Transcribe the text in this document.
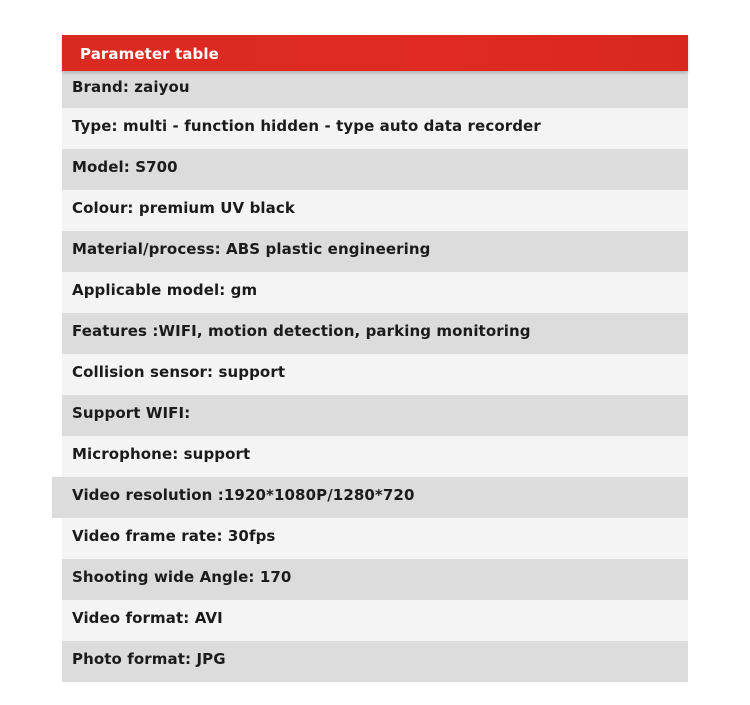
Parameter table
Brand: zaiyou
Type: multi - function hidden - type auto data recorder
Model: S700
Colour: premium UV black
Material/process: ABS plastic engineering
Applicable model: gm
Features :WIFI, motion detection, parking monitoring
Collision sensor: support
Support WIFI:
Microphone: support
Video resolution :1920*1080P/1280*720
Video frame rate: 30fps
Shooting wide Angle: 170
Video format: AVI
Photo format: JPG
